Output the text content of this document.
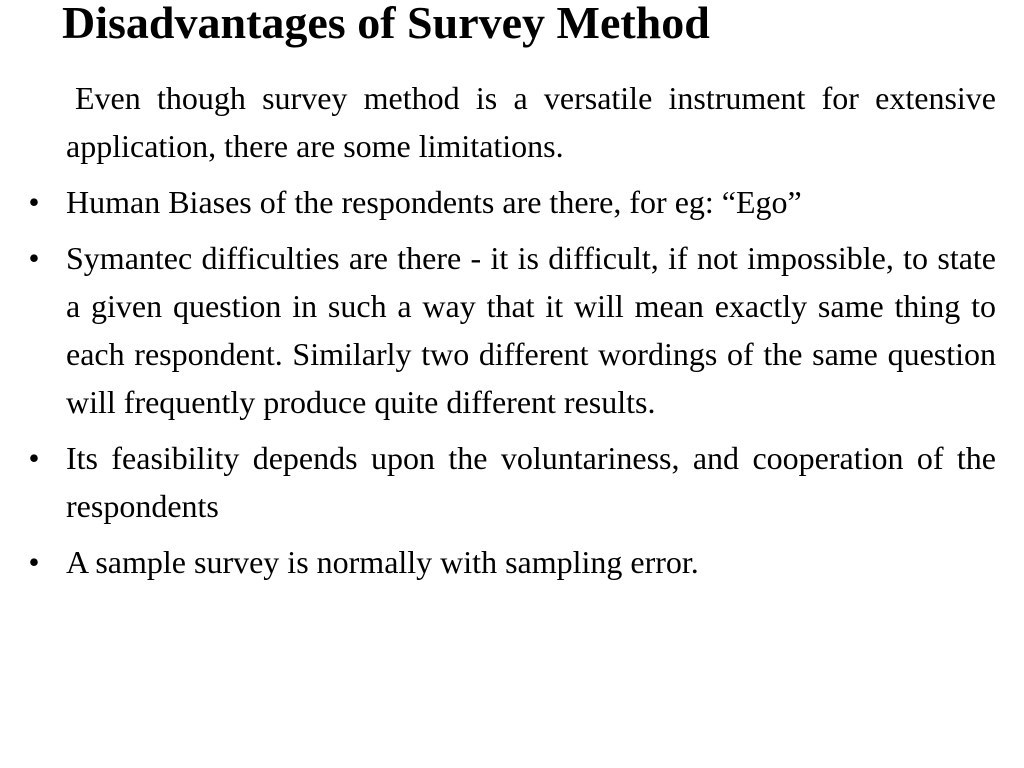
Disadvantages of Survey Method

Even though survey method is a versatile instrument for extensive application, there are some limitations.

• Human Biases of the respondents are there, for eg: “Ego”
• Symantec difficulties are there - it is difficult, if not impossible, to state a given question in such a way that it will mean exactly same thing to each respondent. Similarly two different wordings of the same question will frequently produce quite different results.
• Its feasibility depends upon the voluntariness, and cooperation of the respondents
• A sample survey is normally with sampling error.
